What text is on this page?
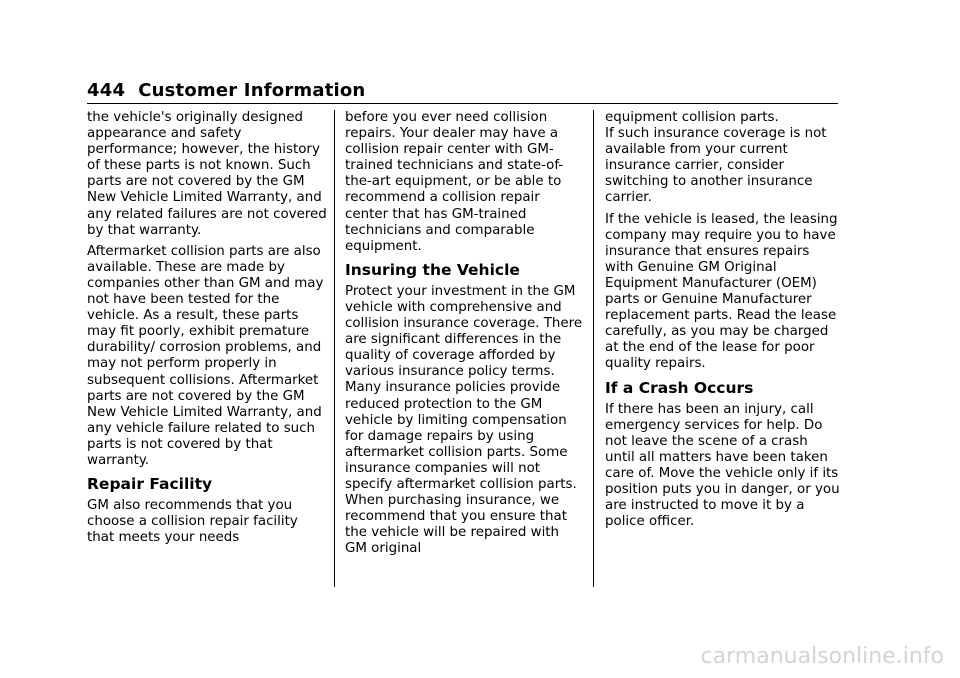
444 Customer Information

the vehicle's originally designed appearance and safety performance; however, the history of these parts is not known. Such parts are not covered by the GM New Vehicle Limited Warranty, and any related failures are not covered by that warranty.

Aftermarket collision parts are also available. These are made by companies other than GM and may not have been tested for the vehicle. As a result, these parts may fit poorly, exhibit premature durability/ corrosion problems, and may not perform properly in subsequent collisions. Aftermarket parts are not covered by the GM New Vehicle Limited Warranty, and any vehicle failure related to such parts is not covered by that warranty.

Repair Facility

GM also recommends that you choose a collision repair facility that meets your needs

before you ever need collision repairs. Your dealer may have a collision repair center with GM-trained technicians and state-of-the-art equipment, or be able to recommend a collision repair center that has GM-trained technicians and comparable equipment.

Insuring the Vehicle

Protect your investment in the GM vehicle with comprehensive and collision insurance coverage. There are significant differences in the quality of coverage afforded by various insurance policy terms. Many insurance policies provide reduced protection to the GM vehicle by limiting compensation for damage repairs by using aftermarket collision parts. Some insurance companies will not specify aftermarket collision parts.

When purchasing insurance, we recommend that you ensure that the vehicle will be repaired with GM original

equipment collision parts.

If such insurance coverage is not available from your current insurance carrier, consider switching to another insurance carrier.

If the vehicle is leased, the leasing company may require you to have insurance that ensures repairs with Genuine GM Original Equipment Manufacturer (OEM) parts or Genuine Manufacturer replacement parts. Read the lease carefully, as you may be charged at the end of the lease for poor quality repairs.

If a Crash Occurs

If there has been an injury, call emergency services for help. Do not leave the scene of a crash until all matters have been taken care of. Move the vehicle only if its position puts you in danger, or you are instructed to move it by a police officer.

carmanualsonline.info
